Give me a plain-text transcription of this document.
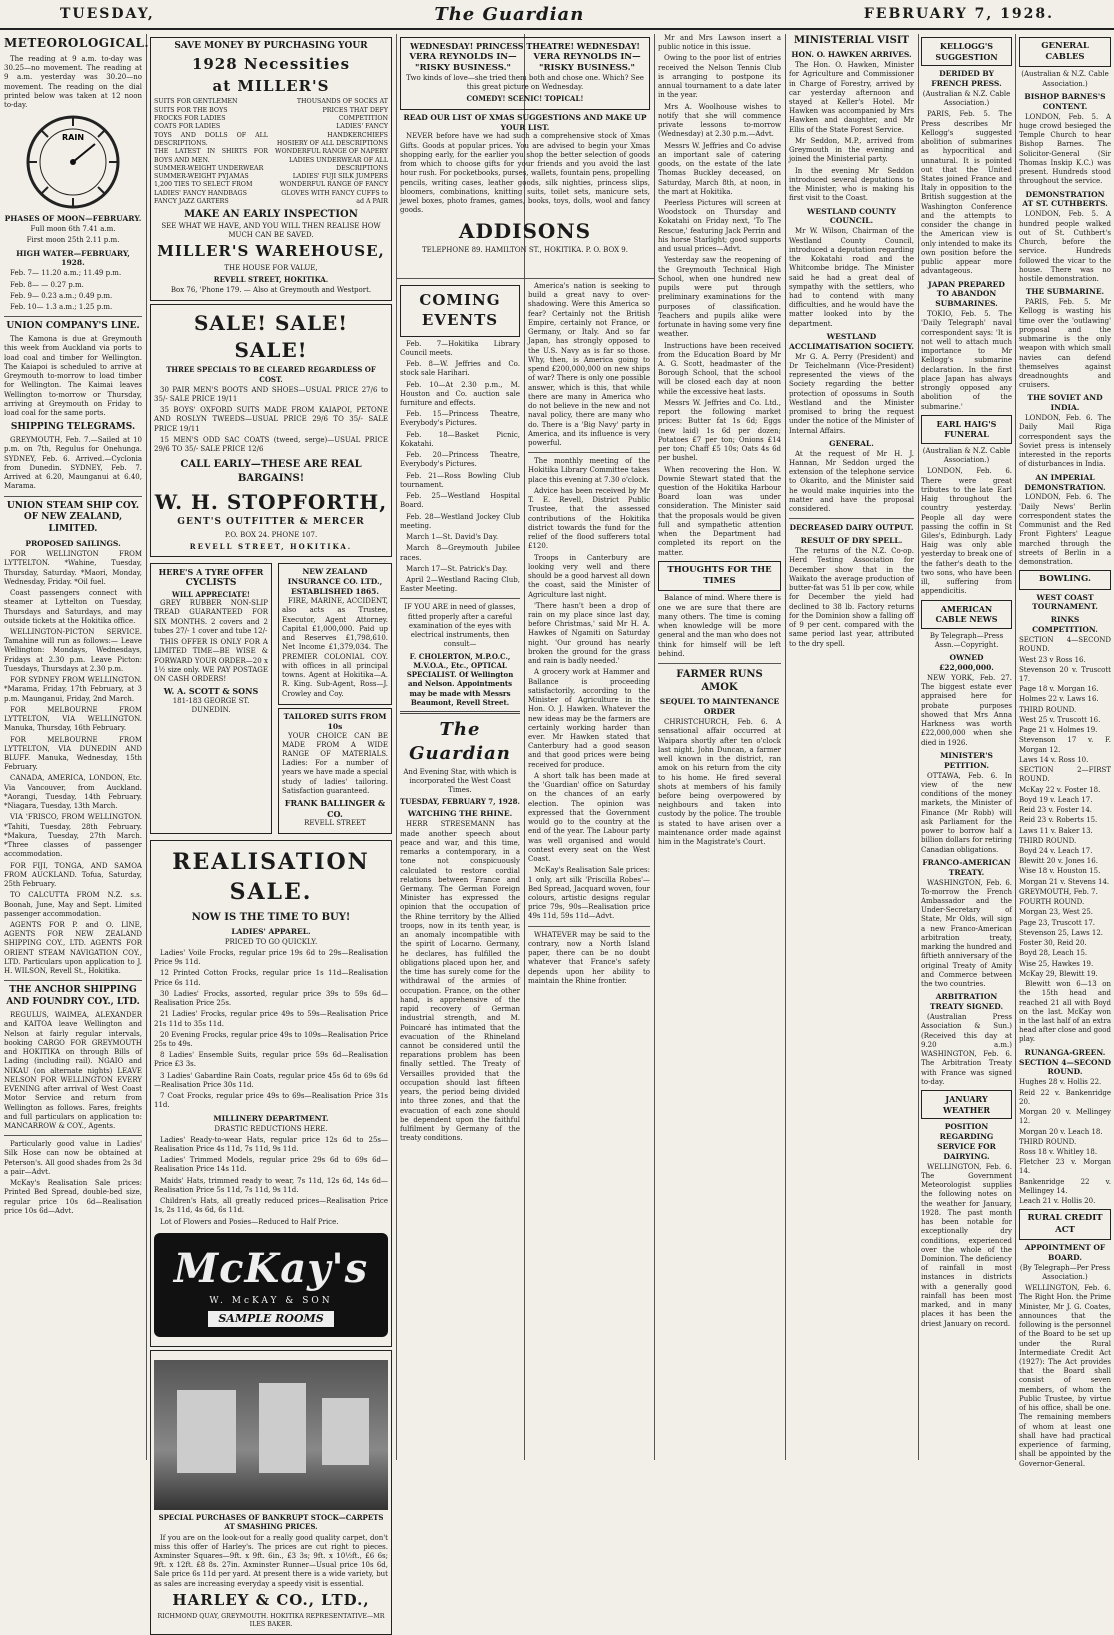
TUESDAY,	The Guardian	FEBRUARY 7, 1928.
METEOROLOGICAL.

The reading at 9 a.m. to-day was 30.25—no movement. The reading at 9 a.m. yesterday was 30.20—no movement. The reading on the dial printed below was taken at 12 noon to-day.

RAIN
PHASES OF MOON—FEBRUARY.

Full moon 6th 7.41 a.m.

First moon 25th 2.11 p.m.

HIGH WATER—FEBRUARY, 1928.

Feb. 7— 11.20 a.m.; 11.49 p.m.

Feb. 8— — 0.27 p.m.

Feb. 9— 0.23 a.m.; 0.49 p.m.

Feb. 10— 1.3 a.m.; 1.25 p.m.

UNION COMPANY'S LINE.

The Kamona is due at Greymouth this week from Auckland via ports to load coal and timber for Wellington. The Kaiapoi is scheduled to arrive at Greymouth to-morrow to load timber for Wellington. The Kaimai leaves Wellington to-morrow or Thursday, arriving at Greymouth on Friday to load coal for the same ports.

SHIPPING TELEGRAMS.

GREYMOUTH, Feb. 7.—Sailed at 10 p.m. on 7th, Regulus for Onehunga. SYDNEY, Feb. 6. Arrived.—Cyclonia from Dunedin. SYDNEY, Feb. 7. Arrived at 6.20, Maunganui at 6.40, Marama.

UNION STEAM SHIP COY. OF NEW ZEALAND, LIMITED.
PROPOSED SAILINGS.

FOR WELLINGTON FROM LYTTELTON. *Wahine, Tuesday, Thursday, Saturday. *Maori, Monday, Wednesday, Friday. *Oil fuel.

Coast passengers connect with steamer at Lyttelton on Tuesday, Thursdays and Saturdays, and may outside tickets at the Hokitika office.

WELLINGTON-PICTON SERVICE. Tamahine will run as follows:— Leave Wellington: Mondays, Wednesdays, Fridays at 2.30 p.m. Leave Picton: Tuesdays, Thursdays at 2.30 p.m.

FOR SYDNEY FROM WELLINGTON. *Marama, Friday, 17th February, at 3 p.m. Maunganui, Friday, 2nd March.

FOR MELBOURNE FROM LYTTELTON, VIA WELLINGTON. Manuka, Thursday, 16th February.

FOR MELBOURNE FROM LYTTELTON, VIA DUNEDIN AND BLUFF. Manuka, Wednesday, 15th February.

CANADA, AMERICA, LONDON, Etc. Via Vancouver, from Auckland. *Aorangi, Tuesday, 14th February. *Niagara, Tuesday, 13th March.

VIA 'FRISCO, FROM WELLINGTON. *Tahiti, Tuesday, 28th February. *Makura, Tuesday, 27th March. *Three classes of passenger accommodation.

FOR FIJI, TONGA, AND SAMOA FROM AUCKLAND. Tofua, Saturday, 25th February.

TO CALCUTTA FROM N.Z. s.s. Boonah, June, May and Sept. Limited passenger accommodation.

AGENTS FOR P. and O. LINE, AGENTS FOR NEW ZEALAND SHIPPING COY., LTD. AGENTS FOR ORIENT STEAM NAVIGATION COY., LTD. Particulars upon application to J. H. WILSON, Revell St., Hokitika.

THE ANCHOR SHIPPING AND FOUNDRY COY., LTD.

REGULUS, WAIMEA, ALEXANDER and KAITOA leave Wellington and Nelson at fairly regular intervals, booking CARGO FOR GREYMOUTH and HOKITIKA on through Bills of Lading (including rail). NGAIO and NIKAU (on alternate nights) LEAVE NELSON FOR WELLINGTON EVERY EVENING after arrival of West Coast Motor Service and return from Wellington as follows. Fares, freights and full particulars on application to: MANCARROW & COY., Agents.

Particularly good value in Ladies' Silk Hose can now be obtained at Peterson's. All good shades from 2s 3d a pair—Advt.

McKay's Realisation Sale prices: Printed Bed Spread, double-bed size, regular price 10s 6d—Realisation price 10s 6d—Advt.

SAVE MONEY BY PURCHASING YOUR

1928 Necessities
at MILLER'S
SUITS FOR GENTLEMEN
SUITS FOR THE BOYS
FROCKS FOR LADIES
COATS FOR LADIES
TOYS AND DOLLS OF ALL DESCRIPTIONS.
THE LATEST IN SHIRTS FOR BOYS AND MEN.
SUMMER-WEIGHT UNDERWEAR
SUMMER-WEIGHT PYJAMAS
1,200 TIES TO SELECT FROM
LADIES' FANCY HANDBAGS
FANCY JAZZ GARTERS
THOUSANDS OF SOCKS AT PRICES THAT DEFY COMPETITION
LADIES' FANCY HANDKERCHIEFS
HOSIERY OF ALL DESCRIPTIONS
WONDERFUL RANGE OF NAPERY
LADIES UNDERWEAR OF ALL DESCRIPTIONS
LADIES' FUJI SILK JUMPERS
WONDERFUL RANGE OF FANCY GLOVES WITH FANCY CUFFS to ad A PAIR
MAKE AN EARLY INSPECTION

SEE WHAT WE HAVE, AND YOU WILL THEN REALISE HOW MUCH CAN BE SAVED.

MILLER'S WAREHOUSE,

THE HOUSE FOR VALUE,

REVELL STREET, HOKITIKA.

Box 76, 'Phone 179. — Also at Greymouth and Westport.

SALE! SALE! SALE!

THREE SPECIALS TO BE CLEARED REGARDLESS OF COST.

30 PAIR MEN'S BOOTS AND SHOES—USUAL PRICE 27/6 to 35/- SALE PRICE 19/11

35 BOYS' OXFORD SUITS MADE FROM KAIAPOI, PETONE AND ROSLYN TWEEDS—USUAL PRICE 29/6 TO 35/- SALE PRICE 19/11

15 MEN'S ODD SAC COATS (tweed, serge)—USUAL PRICE 29/6 TO 35/- SALE PRICE 12/6

CALL EARLY—THESE ARE REAL BARGAINS!
W. H. STOPFORTH,

GENT'S OUTFITTER & MERCER

P.O. BOX 24. PHONE 107.

REVELL STREET, HOKITIKA.

HERE'S A TYRE OFFER
CYCLISTS
WILL APPRECIATE!

GREY RUBBER NON-SLIP TREAD GUARANTEED FOR SIX MONTHS. 2 covers and 2 tubes 27/- 1 cover and tube 12/-

THIS OFFER IS ONLY FOR A LIMITED TIME—BE WISE & FORWARD YOUR ORDER—20 x 1½ size only. WE PAY POSTAGE ON CASH ORDERS!

W. A. SCOTT & SONS

181-183 GEORGE ST. DUNEDIN.

NEW ZEALAND INSURANCE CO. LTD., ESTABLISHED 1865.

FIRE, MARINE, ACCIDENT, also acts as Trustee, Executor, Agent Attorney. Capital £1,000,000. Paid up and Reserves £1,798,610. Net Income £1,379,034. The PREMIER COLONIAL COY. with offices in all principal towns. Agent at Hokitika—A. R. King. Sub-Agent, Ross—J. Crowley and Coy.

TAILORED SUITS FROM 10s

YOUR CHOICE CAN BE MADE FROM A WIDE RANGE OF MATERIALS. Ladies: For a number of years we have made a special study of ladies' tailoring. Satisfaction guaranteed.

FRANK BALLINGER & CO.

REVELL STREET

REALISATION SALE.
NOW IS THE TIME TO BUY!
LADIES' APPAREL.

PRICED TO GO QUICKLY.

Ladies' Voile Frocks, regular price 19s 6d to 29s—Realisation Price 9s 11d.

12 Printed Cotton Frocks, regular price 1s 11d—Realisation Price 6s 11d.

30 Ladies' Frocks, assorted, regular price 39s to 59s 6d—Realisation Price 25s.

21 Ladies' Frocks, regular price 49s to 59s—Realisation Price 21s 11d to 35s 11d.

20 Evening Frocks, regular price 49s to 109s—Realisation Price 25s to 49s.

8 Ladies' Ensemble Suits, regular price 59s 6d—Realisation Price £3 3s.

3 Ladies' Gabardine Rain Coats, regular price 45s 6d to 69s 6d—Realisation Price 30s 11d.

7 Coat Frocks, regular price 49s to 69s—Realisation Price 31s 11d.

MILLINERY DEPARTMENT.

DRASTIC REDUCTIONS HERE.

Ladies' Ready-to-wear Hats, regular price 12s 6d to 25s—Realisation Price 4s 11d, 7s 11d, 9s 11d.

Ladies' Trimmed Models, regular price 29s 6d to 69s 6d—Realisation Price 14s 11d.

Maids' Hats, trimmed ready to wear, 7s 11d, 12s 6d, 14s 6d—Realisation Price 5s 11d, 7s 11d, 9s 11d.

Children's Hats, all greatly reduced prices—Realisation Price 1s, 2s 11d, 4s 6d, 6s 11d.

Lot of Flowers and Posies—Reduced to Half Price.

McKay's
W. McKAY & SON
SAMPLE ROOMS

SPECIAL PURCHASES OF BANKRUPT STOCK—CARPETS AT SMASHING PRICES.

If you are on the look-out for a really good quality carpet, don't miss this offer of Harley's. The prices are cut right to pieces. Axminster Squares—9ft. x 9ft. 6in., £3 3s; 9ft. x 10½ft., £6 6s; 9ft. x 12ft. £8 8s. 27in. Axminster Runner—Usual price 10s 6d, Sale price 6s 11d per yard. At present there is a wide variety, but as sales are increasing everyday a speedy visit is essential.

HARLEY & CO., LTD.,

RICHMOND QUAY, GREYMOUTH. HOKITIKA REPRESENTATIVE—MR ILES BAKER.

WEDNESDAY! PRINCESS THEATRE! WEDNESDAY!
VERA REYNOLDS IN— "RISKY BUSINESS."
VERA REYNOLDS IN— "RISKY BUSINESS."

Two kinds of love—she tried them both and chose one. Which? See this great picture on Wednesday.

COMEDY! SCENIC! TOPICAL!

READ OUR LIST OF XMAS SUGGESTIONS AND MAKE UP YOUR LIST.

NEVER before have we had such a comprehensive stock of Xmas Gifts. Goods at popular prices. You are advised to begin your Xmas shopping early, for the earlier you shop the better selection of goods from which to choose gifts for your friends and you avoid the last hour rush. For pocketbooks, purses, wallets, fountain pens, propelling pencils, writing cases, leather goods, silk nighties, princess slips, bloomers, combinations, knitting suits, toilet sets, manicure sets, jewel boxes, photo frames, games, books, toys, dolls, wool and fancy goods.

ADDISONS

TELEPHONE 89. HAMILTON ST., HOKITIKA. P. O. BOX 9.

COMING EVENTS

Feb. 7—Hokitika Library Council meets.

Feb. 8—W. Jeffries and Co. stock sale Harihari.

Feb. 10—At 2.30 p.m., M. Houston and Co. auction sale furniture and effects.

Feb. 15—Princess Theatre, Everybody's Pictures.

Feb. 18—Basket Picnic, Kokatahi.

Feb. 20—Princess Theatre, Everybody's Pictures.

Feb. 21—Ross Bowling Club tournament.

Feb. 25—Westland Hospital Board.

Feb. 28—Westland Jockey Club meeting.

March 1—St. David's Day.

March 8—Greymouth Jubilee races.

March 17—St. Patrick's Day.

April 2—Westland Racing Club, Easter Meeting.

IF YOU ARE in need of glasses, fitted properly after a careful examination of the eyes with electrical instruments, then consult—

F. CHOLERTON, M.P.O.C., M.V.O.A., Etc., OPTICAL SPECIALIST. Of Wellington and Nelson. Appointments may be made with Messrs Beaumont, Revell Street.

The Guardian

And Evening Star, with which is incorporated the West Coast Times.

TUESDAY, FEBRUARY 7, 1928.

WATCHING THE RHINE.

HERR STRESEMANN has made another speech about peace and war, and this time, remarks a contemporary, in a tone not conspicuously calculated to restore cordial relations between France and Germany. The German Foreign Minister has expressed the opinion that the occupation of the Rhine territory by the Allied troops, now in its tenth year, is an anomaly incompatible with the spirit of Locarno. Germany, he declares, has fulfilled the obligations placed upon her, and the time has surely come for the withdrawal of the armies of occupation. France, on the other hand, is apprehensive of the rapid recovery of German industrial strength, and M. Poincaré has intimated that the evacuation of the Rhineland cannot be considered until the reparations problem has been finally settled. The Treaty of Versailles provided that the occupation should last fifteen years, the period being divided into three zones, and that the evacuation of each zone should be dependent upon the faithful fulfilment by Germany of the treaty conditions.

America's nation is seeking to build a great navy to over-shadowing. Were this America so fear? Certainly not the British Empire, certainly not France, or Germany, or Italy. And so far Japan, has strongly opposed to the U.S. Navy as is far so those. Why, then, is America going to spend £200,000,000 on new ships of war? There is only one possible answer, which is this, that while there are many in America who do not believe in the new and not naval policy, there are many who do. There is a 'Big Navy' party in America, and its influence is very powerful.

The monthly meeting of the Hokitika Library Committee takes place this evening at 7.30 o'clock.

Advice has been received by Mr T. E. Revell, District Public Trustee, that the assessed contributions of the Hokitika district towards the fund for the relief of the flood sufferers total £120.

Troops in Canterbury are looking very well and there should be a good harvest all down the coast, said the Minister of Agriculture last night.

'There hasn't been a drop of rain on my place since last day, before Christmas,' said Mr H. A. Hawkes of Ngamiti on Saturday night. 'Our ground has nearly broken the ground for the grass and rain is badly needed.'

A grocery work at Hammer and Ballance is proceeding satisfactorily, according to the Minister of Agriculture in the Hon. O. J. Hawken. Whatever the new ideas may be the farmers are certainly working harder than ever. Mr Hawken stated that Canterbury had a good season and that good prices were being received for produce.

A short talk has been made at the 'Guardian' office on Saturday on the chances of an early election. The opinion was expressed that the Government would go to the country at the end of the year. The Labour party was well organised and would contest every seat on the West Coast.

McKay's Realisation Sale prices: 1 only, art silk 'Priscilla Robes'—Bed Spread, Jacquard woven, four colours, artistic designs regular price 79s, 90s—Realisation price 49s 11d, 59s 11d—Advt.

WHATEVER may be said to the contrary, now a North Island paper, there can be no doubt whatever that France's safety depends upon her ability to maintain the Rhine frontier.

Mr and Mrs Lawson insert a public notice in this issue.

Owing to the poor list of entries received the Nelson Tennis Club is arranging to postpone its annual tournament to a date later in the year.

Mrs A. Woolhouse wishes to notify that she will commence private lessons to-morrow (Wednesday) at 2.30 p.m.—Advt.

Messrs W. Jeffries and Co advise an important sale of catering goods, on the estate of the late Thomas Buckley deceased, on Saturday, March 8th, at noon, in the mart at Hokitika.

Peerless Pictures will screen at Woodstock on Thursday and Kokatahi on Friday next, 'To The Rescue,' featuring Jack Perrin and his horse Starlight; good supports and usual prices—Advt.

Yesterday saw the reopening of the Greymouth Technical High School, when one hundred new pupils were put through preliminary examinations for the purposes of classification. Teachers and pupils alike were fortunate in having some very fine weather.

Instructions have been received from the Education Board by Mr A. G. Scott, headmaster of the Borough School, that the school will be closed each day at noon while the excessive heat lasts.

Messrs W. Jeffries and Co. Ltd., report the following market prices: Butter fat 1s 6d; Eggs (new laid) 1s 6d per dozen; Potatoes £7 per ton; Onions £14 per ton; Chaff £5 10s; Oats 4s 6d per bushel.

When recovering the Hon. W. Downie Stewart stated that the question of the Hokitika Harbour Board loan was under consideration. The Minister said that the proposals would be given full and sympathetic attention when the Department had completed its report on the matter.

THOUGHTS FOR THE TIMES

Balance of mind. Where there is one we are sure that there are many others. The time is coming when knowledge will be more general and the man who does not think for himself will be left behind.

FARMER RUNS AMOK
SEQUEL TO MAINTENANCE ORDER

CHRISTCHURCH, Feb. 6. A sensational affair occurred at Waipara shortly after ten o'clock last night. John Duncan, a farmer well known in the district, ran amok on his return from the city to his home. He fired several shots at members of his family before being overpowered by neighbours and taken into custody by the police. The trouble is stated to have arisen over a maintenance order made against him in the Magistrate's Court.

MINISTERIAL VISIT
HON. O. HAWKEN ARRIVES.

The Hon. O. Hawken, Minister for Agriculture and Commissioner in Charge of Forestry, arrived by car yesterday afternoon and stayed at Keller's Hotel. Mr Hawken was accompanied by Mrs Hawken and daughter, and Mr Ellis of the State Forest Service.

Mr Seddon, M.P., arrived from Greymouth in the evening and joined the Ministerial party.

In the evening Mr Seddon introduced several deputations to the Minister, who is making his first visit to the Coast.

WESTLAND COUNTY COUNCIL.

Mr W. Wilson, Chairman of the Westland County Council, introduced a deputation regarding the Kokatahi road and the Whitcombe bridge. The Minister said he had a great deal of sympathy with the settlers, who had to contend with many difficulties, and he would have the matter looked into by the department.

WESTLAND ACCLIMATISATION SOCIETY.

Mr G. A. Perry (President) and Dr Teichelmann (Vice-President) represented the views of the Society regarding the better protection of opossums in South Westland and the Minister promised to bring the request under the notice of the Minister of Internal Affairs.

GENERAL.

At the request of Mr H. J. Hannan, Mr Seddon urged the extension of the telephone service to Okarito, and the Minister said he would make inquiries into the matter and have the proposal considered.

DECREASED DAIRY OUTPUT.
RESULT OF DRY SPELL.

The returns of the N.Z. Co-op. Herd Testing Association for December show that in the Waikato the average production of butter-fat was 51 lb per cow, while for December the yield had declined to 38 lb. Factory returns for the Dominion show a falling off of 9 per cent. compared with the same period last year, attributed to the dry spell.

KELLOGG'S SUGGESTION
DERIDED BY FRENCH PRESS.

(Australian & N.Z. Cable Association.)

PARIS, Feb. 5. The Press describes Mr Kellogg's suggested abolition of submarines as hypocritical and unnatural. It is pointed out that the United States joined France and Italy in opposition to the British suggestion at the Washington Conference and the attempts to consider the change in the American view is only intended to make its own position before the public appear more advantageous.

JAPAN PREPARED TO ABANDON SUBMARINES.

TOKIO, Feb. 5. The 'Daily Telegraph' naval correspondent says: 'It is not well to attach much importance to Mr Kellogg's submarine declaration. In the first place Japan has always strongly opposed any abolition of the submarine.'

EARL HAIG'S FUNERAL

(Australian & N.Z. Cable Association.)

LONDON, Feb. 6. There were great tributes to the late Earl Haig throughout the country yesterday. People all day were passing the coffin in St Giles's, Edinburgh. Lady Haig was only able yesterday to break one of the father's death to the two sons, who have been ill, suffering from appendicitis.

AMERICAN CABLE NEWS

By Telegraph—Press Assn.—Copyright.

OWNED £22,000,000.

NEW YORK, Feb. 27. The biggest estate ever appraised here for probate purposes showed that Mrs Anna Harkness was worth £22,000,000 when she died in 1926.

MINISTER'S PETITION.

OTTAWA, Feb. 6. In view of the new conditions of the money markets, the Minister of Finance (Mr Robb) will ask Parliament for the power to borrow half a billion dollars for retiring Canadian obligations.

FRANCO-AMERICAN TREATY.

WASHINGTON, Feb. 6. To-morrow the French Ambassador and the Under-Secretary of State, Mr Olds, will sign a new Franco-American arbitration treaty, marking the hundred and fiftieth anniversary of the original Treaty of Amity and Commerce between the two countries.

ARBITRATION TREATY SIGNED.

(Australian Press Association & Sun.) (Received this day at 9.20 a.m.) WASHINGTON, Feb. 6. The Arbitration Treaty with France was signed to-day.

JANUARY WEATHER
POSITION REGARDING SERVICE FOR DAIRYING.

WELLINGTON, Feb. 6. The Government Meteorologist supplies the following notes on the weather for January, 1928. The past month has been notable for exceptionally dry conditions, experienced over the whole of the Dominion. The deficiency of rainfall in most instances in districts with a generally good rainfall has been most marked, and in many places it has been the driest January on record.

GENERAL CABLES

(Australian & N.Z. Cable Association.)

BISHOP BARNES'S CONTENT.

LONDON, Feb. 5. A huge crowd besieged the Temple Church to hear Bishop Barnes. The Solicitor-General (Sir Thomas Inskip K.C.) was present. Hundreds stood throughout the service.

DEMONSTRATION AT ST. CUTHBERTS.

LONDON, Feb. 5. A hundred people walked out of St. Cuthbert's Church, before the service. Hundreds followed the vicar to the house. There was no hostile demonstration.

THE SUBMARINE.

PARIS, Feb. 5. Mr Kellogg is wasting his time over the 'outlawing' proposal and the submarine is the only weapon with which small navies can defend themselves against dreadnoughts and cruisers.

THE SOVIET AND INDIA.

LONDON, Feb. 6. The Daily Mail Riga correspondent says the Soviet press is intensely interested in the reports of disturbances in India.

AN IMPERIAL DEMONSTRATION.

LONDON, Feb. 6. The 'Daily News' Berlin correspondent states the Communist and the Red Front Fighters' League marched through the streets of Berlin in a demonstration.

BOWLING.
WEST COAST TOURNAMENT.
RINKS COMPETITION.
SECTION 4—SECOND ROUND.
West 23 v Ross 16.
Stevenson 20 v. Truscott 17.
Page 18 v. Morgan 16.
Holmes 22 v. Laws 16.
THIRD ROUND.
West 25 v. Truscott 16.
Page 21 v. Holmes 19.
Stevenson 17 v. F. Morgan 12.
Laws 14 v. Ross 10.
SECTION 2—FIRST ROUND.
McKay 22 v. Foster 18.
Boyd 19 v. Leach 17.
Reid 23 v. Foster 14.
Reid 23 v. Roberts 15.
Laws 11 v. Baker 13.
THIRD ROUND.
Boyd 24 v. Leach 17.
Blewitt 20 v. Jones 16.
Wise 18 v. Houston 15.
Morgan 21 v. Stevens 14.
GREYMOUTH, Feb. 7.
FOURTH ROUND.
Morgan 23, West 25.
Page 23, Truscott 17.
Stevenson 25, Laws 12.
Foster 30, Reid 20.
Boyd 28, Leach 15.
Wise 25, Hawkes 19.
McKay 29, Blewitt 19.

Blewitt won 6—13 on the 15th head and reached 21 all with Boyd on the last. McKay won in the last half of an extra head after close and good play.

RUNANGA-GREEN. SECTION 4—SECOND ROUND.
Hughes 28 v. Hollis 22.
Reid 22 v. Bankenridge 20.
Morgan 20 v. Mellingey 12.
Morgan 20 v. Leach 18.
THIRD ROUND.
Ross 18 v. Whitley 18.
Fletcher 23 v. Morgan 14.
Bankenridge 22 v. Mellingey 14.
Leach 21 v. Hollis 20.
RURAL CREDIT ACT
APPOINTMENT OF BOARD.

(By Telegraph—Per Press Association.)

WELLINGTON, Feb. 6. The Right Hon. the Prime Minister, Mr J. G. Coates, announces that the following is the personnel of the Board to be set up under the Rural Intermediate Credit Act (1927): The Act provides that the Board shall consist of seven members, of whom the Public Trustee, by virtue of his office, shall be one. The remaining members of whom at least one shall have had practical experience of farming, shall be appointed by the Governor-General.
